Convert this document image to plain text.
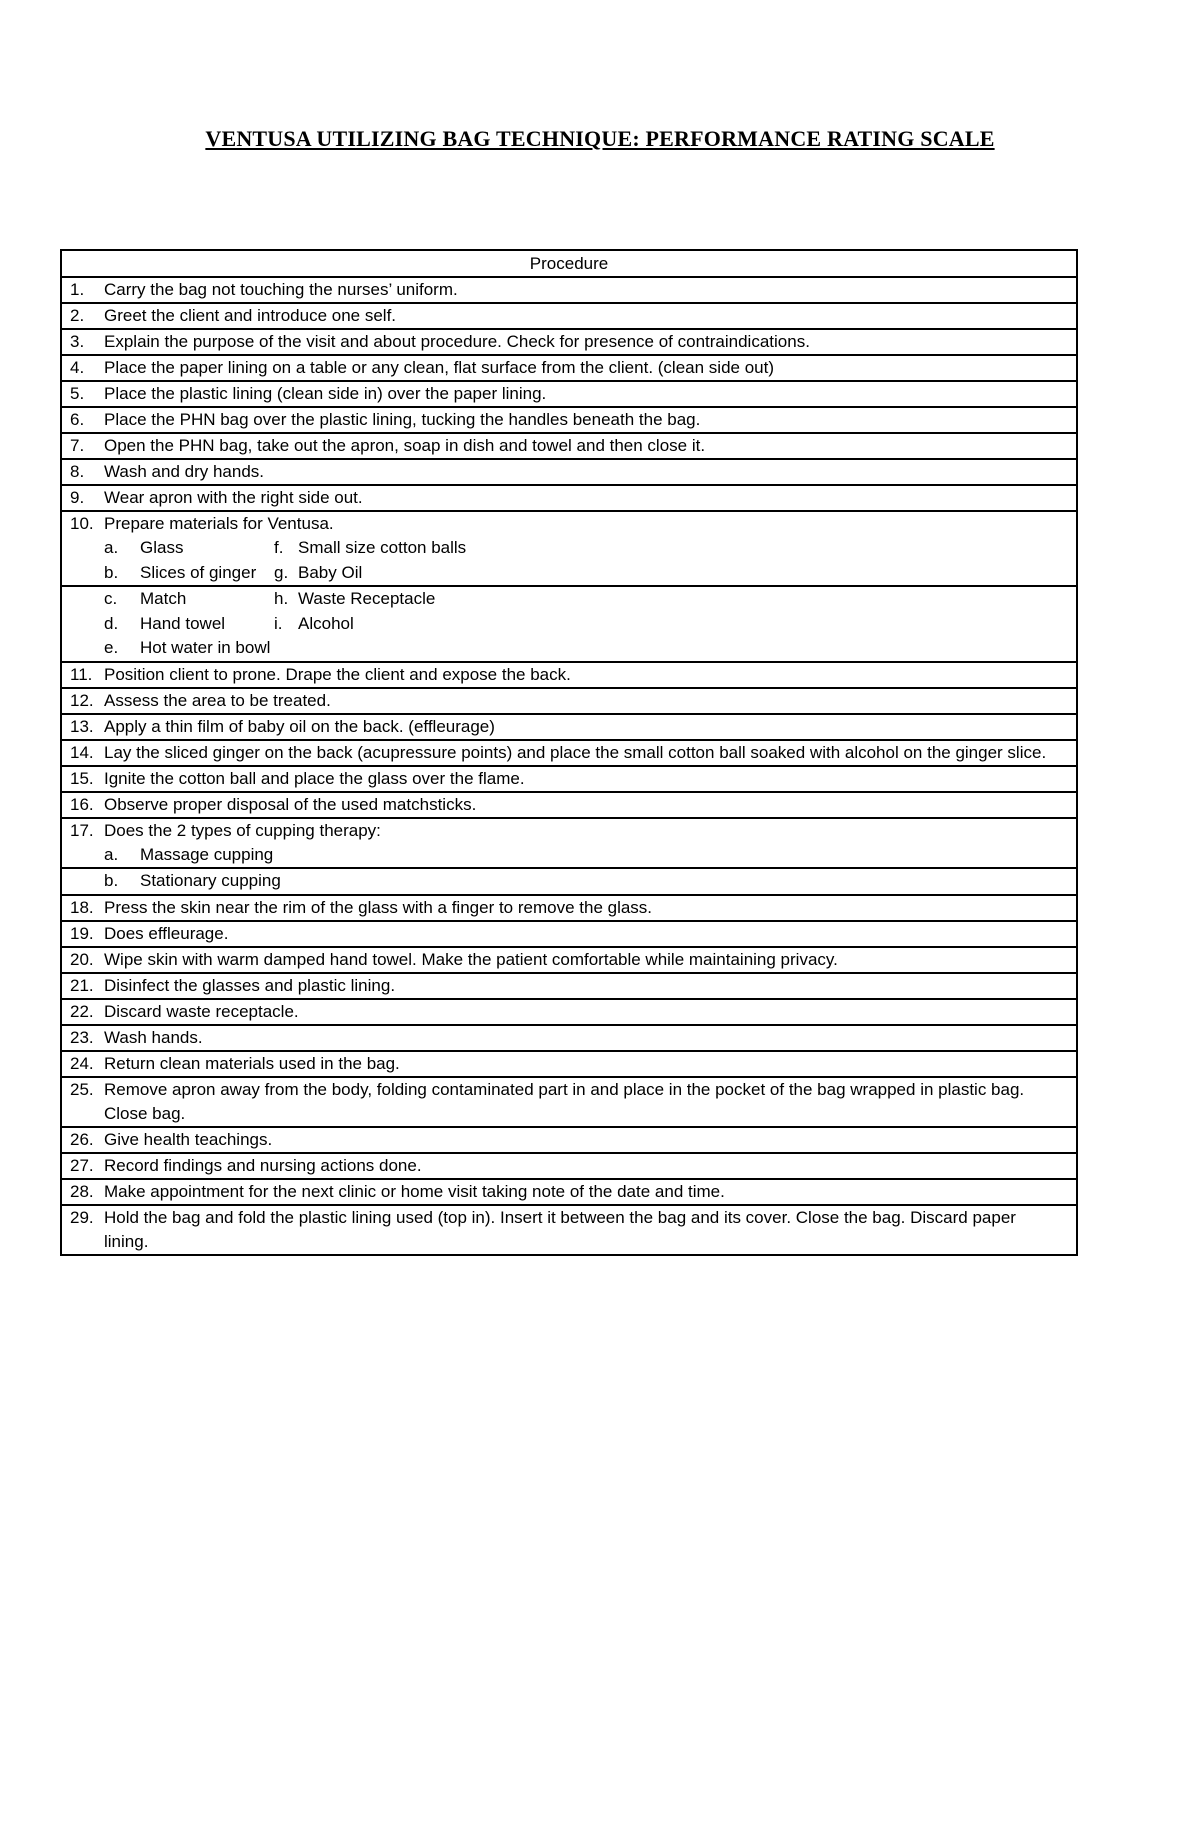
VENTUSA UTILIZING BAG TECHNIQUE: PERFORMANCE RATING SCALE
Procedure

1.	Carry the bag not touching the nurses’ uniform.

2.	Greet the client and introduce one self.

3.	Explain the purpose of the visit and about procedure. Check for presence of contraindications.

4.	Place the paper lining on a table or any clean, flat surface from the client. (clean side out)

5.	Place the plastic lining (clean side in) over the paper lining.

6.	Place the PHN bag over the plastic lining, tucking the handles beneath the bag.

7.	Open the PHN bag, take out the apron, soap in dish and towel and then close it.

8.	Wash and dry hands.

9.	Wear apron with the right side out.

10. Prepare materials for Ventusa.
a.	Glass	f. Small size cotton balls
b.	Slices of ginger	g. Baby Oil

c.	Match	h. Waste Receptacle
d.	Hand towel	i. Alcohol
e.	Hot water in bowl

11. Position client to prone. Drape the client and expose the back.

12. Assess the area to be treated.

13. Apply a thin film of baby oil on the back. (effleurage)

14. Lay the sliced ginger on the back (acupressure points) and place the small cotton ball soaked with alcohol on the ginger slice.

15. Ignite the cotton ball and place the glass over the flame.

16. Observe proper disposal of the used matchsticks.

17. Does the 2 types of cupping therapy:
a.	Massage cupping

b.	Stationary cupping

18. Press the skin near the rim of the glass with a finger to remove the glass.

19. Does effleurage.

20. Wipe skin with warm damped hand towel. Make the patient comfortable while maintaining privacy.

21. Disinfect the glasses and plastic lining.

22. Discard waste receptacle.

23. Wash hands.

24. Return clean materials used in the bag.

25. Remove apron away from the body, folding contaminated part in and place in the pocket of the bag wrapped in plastic bag. Close bag.

26. Give health teachings.

27. Record findings and nursing actions done.

28. Make appointment for the next clinic or home visit taking note of the date and time.

29. Hold the bag and fold the plastic lining used (top in). Insert it between the bag and its cover. Close the bag. Discard paper lining.
